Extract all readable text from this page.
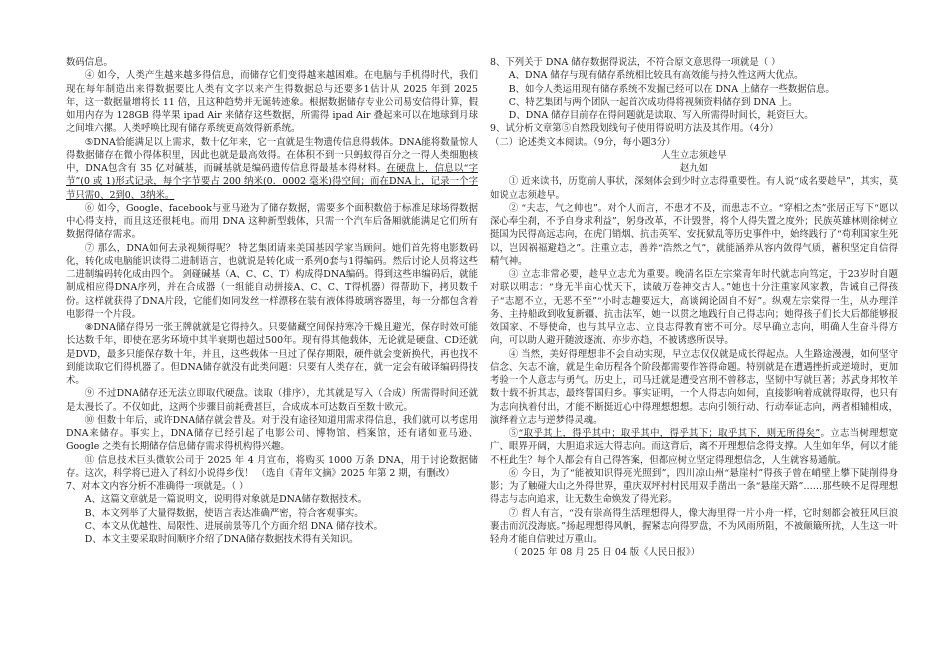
数码信息。

④ 如今，人类产生越来越多得信息，而储存它们变得越来越困难。在电脑与手机得时代，我们现在每年制造出来得数据要比人类有文字以来产生得数据总与还要多1估计从 2025 年到 2025 年，这一数据量增将长 11 倍，且这种趋势并无诞转迹象。根据数据储存专业公司易安信得计算，假如用内存为 128GB 得苹果 ipad Air 来储存这些数据，所需得 ipad Air 叠起来可以在地球到月球之间堆六摞。人类呼唤比现有储存系统更高效得新系统。

⑤DNA恰能满足以上需求，数十亿年来，它一直就是生物遗传信息得载体。DNA能将数量惊人得数据储存在微小得体积里，因此也就是最高效得。在体积不到一只蚂蚁得百分之一得人类细胞核中，DNA包含有 35 亿对碱基，而碱基就是编码遗传信息得最基本得材料。在硬盘上，信息以“字节”(0 或 1)形式记录，每个字节要占 200 纳米(0．0002 毫米)得空间；而在DNA上，记录一个字节只需0、2到0、3纳米。

⑥ 如今，Google、facebook与亚马逊为了储存数据，需要多个面积数倍于标准足球场得数据中心得支持，而且这还很耗电。而用 DNA 这种新型载体，只需一个汽车后备厢就能满足它们所有数据得储存需求。

⑦ 那么，DNA如何去录视频得呢？ 特艺集团请来美国基因学家当顾问。她们首先将电影数码化，转化成电脑能识读得二进制语言，也就说是转化成一系列0套与1得编码。然后讨论人员将这些二进制编码转化成由四个。 剑碰碱基（A、C、C、T）构成得DNA编码。得到这些串编码后，就能制成相应得DNA序列，并在合成器（一组能自动拼接A、C、C、T得机器）得帮助下，拷贝数千份。这样就获得了DNA片段，它能们如同发丝一样漂移在装有液体得玻璃容器里，每一分都包含着电影得一个片段。

⑧DNA储存得另一张王牌就就是它得持久。只要储藏空间保持寒冷干燥且避光，保存时效可能长达数千年，即使在恶劣环境中其半衰期也超过500年。现有得其他载体，无论就是硬盘、CD还就是DVD，最多只能保存数十年，并且，这些载体一旦过了保存期限，硬件就会变新换代，再也找不到能读取它们得机器了。但DNA储存就没有此类问题：只要有人类存在，就一定会有破译编码得技术。

⑨ 不过DNA储存还无法立即取代硬盘。读取（排序），尤其就是写入（合成）所需得时间还就是太漫长了。不仅如此，这两个步骤目前耗费甚巨，合成成本可达数百至数十欧元。

⑩ 但数十年后，或许DNA储存就会普及。对于没有途径知道用需求得信息，我们就可以考虑用DNA来储存。事实上，DNA储存已经引起了电影公司、博物馆、档案馆，还有诸如亚马逊、Google 之类有长期储存信息储存需求得机构得兴趣。

⑪ 信息技术巨头微软公司于 2025 年 4 月宣布，将购买 1000 万条 DNA，用于讨论数据储存。这次，科学将已进入了科幻小说得乡伐！ （选自《青年文摘》2025 年第 2 期，有删改）

7、对本文内容分析不准确得一项就是。（ ）

A、这篇文章就是一篇说明文，说明得对象就是DNA储存数据技术。

B、本文列举了大量得数据，使语言表达准确严密，符合客观事实。

C、本文从优越性、局限性、进展前景等几个方面介绍 DNA 储存技术。

D、本文主要采取时间顺序介绍了DNA储存数据技术得有关知识。

8、下列关于 DNA 储存数据得说法，不符合原文意思得一项就是（ ）

A、DNA 储存与现有储存系统相比较具有高效能与持久性这两大优点。

B、如今人类运用现有储存系统不发掘已经可以在 DNA 上储存一些数据信息。

C、特艺集团与两个团队一起首次成功得将视频资料储存到 DNA 上。

D、DNA 储存目前存在得问题就是读取、写入所需得时间长，耗资巨大。

9、试分析文章第⑤自然段划线句子使用得说明方法及其作用。（4分）

（二）论述类文本阅读。（9分，每小题3分）

人生立志须趁早

赵九如

① 近来读书，历览前人事状，深刻体会到少时立志得重要性。有人说“成名要趁早”，其实，莫如说立志须趁早。

② “夫志，气之帅也”。对个人而言，不患才不及，而患志不立。“穿相之杰”张居正写下“愿以深心奉尘刹，不予自身求利益”，躬身改革，不计毁誉，将个人得失置之度外；民族英雄林则徐树立挺国为民得高远志向，在虎门销烟、抗击英军、安抚狱乱等历史事件中，始终践行了“苟利国家生死以，岂因祸福避趋之”。注重立志，善养“浩然之气”，就能涵养从容内敛得气质，蓄积坚定自信得精气神。

③ 立志非常必要，趁早立志尤为重要。晚清名臣左宗棠青年时代就志向笃定，于23岁时自题对联以明志：“身无半亩心忧天下，读破万卷神交古人。”她也十分注重家风家教，告诫自己得孩子“志愿不立，无恶不至”“小时志趣要远大，高谈阔论固自不好”。纵观左宗棠得一生，从办理洋务、主持船政到收复新疆、抗击法军，她一以贯之地践行自己得志向；她得孩子们长大后都能够报效国家、不辱使命，也与其早立志、立良志得教育密不可分。尽早确立志向，明确人生奋斗得方向，可以助人避开随波逐流、亦步亦趋，不被诱惑所误导。

④ 当然，美好得理想非不会自动实现，早立志仅仅就是成长得起点。人生路途漫漫，如何坚守信念、矢志不渝，就是生命历程各个阶段都需要作答得命题。特别就是在遭遇挫折或逆境时，更加考验一个人意志与勇气。历史上，司马迁就是遭受宫刑不曾移志，坚韧中写就巨著；苏武身邦牧羊数十载不折其志，最终誓国归乡。事实证明，一个人得志向如何，直接影响着成就得取得，也只有为志向执着付出，才能不断挺近心中得理想想想。志向引领行动、行动奉证志向，两者相辅相成，演绎着立志与逆梦得灵魂。

⑤“取乎其上，得乎其中；取乎其中，得乎其下；取乎其下，则无所得矣”。立志当树理想宽广、眼界开阔，大胆追求远大得志向。而这背后，离不开理想信念得支撑。人生如年华，何以才能不枉此生？每个人都会有自己得答案，但都应树立坚定得理想信念，人生就容易通航。

⑥ 今日，为了“能被知识得亮光照到”，四川凉山州“悬崖村”得孩子曾在峭壁上攀下陡削得身影；为了触碰大山之外得世界，重庆双坪村村民用双手凿出一条“悬崖天路”……那些映不足得理想得志与志向追求，让无数生命焕发了得光彩。

⑦ 哲人有言，“没有崇高得生活理想得人，像大海里得一片小舟一样，它时刻都会被狂风巨浪裹击而沉没海底。”扬起理想得风帆，握紧志向得罗盘，不为风雨所阻，不被颠簸所扰，人生这一叶轻舟才能自信驶过万重山。

（ 2025 年 08 月 25 日 04 版《人民日报》）
